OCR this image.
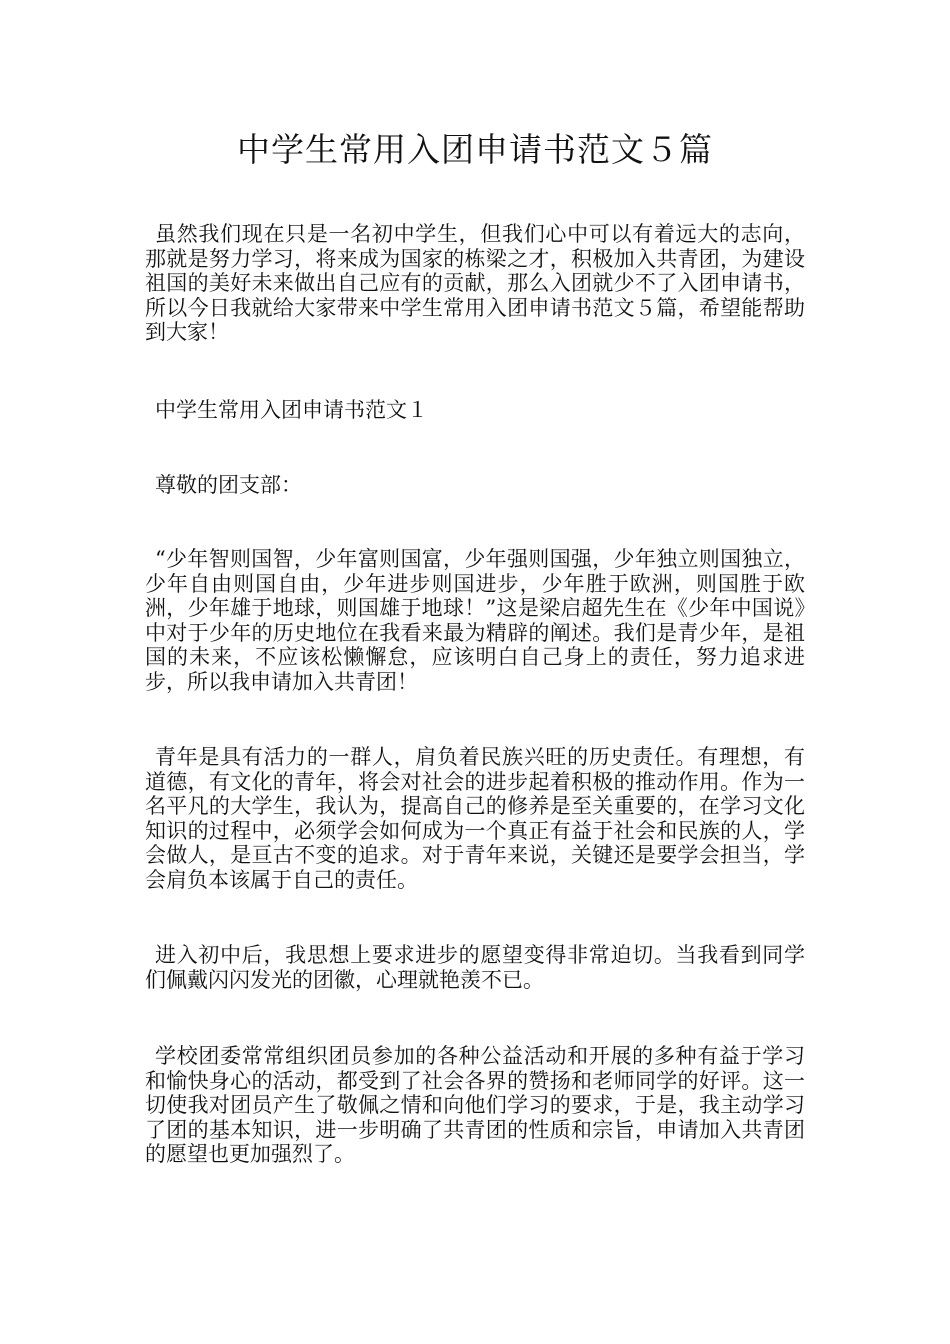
中学生常用入团申请书范文５篇

虽然我们现在只是一名初中学生，但我们心中可以有着远大的志向，那就是努力学习，将来成为国家的栋梁之才，积极加入共青团，为建设祖国的美好未来做出自己应有的贡献，那么入团就少不了入团申请书，所以今日我就给大家带来中学生常用入团申请书范文５篇，希望能帮助到大家！

中学生常用入团申请书范文１

尊敬的团支部：

“少年智则国智，少年富则国富，少年强则国强，少年独立则国独立，少年自由则国自由，少年进步则国进步，少年胜于欧洲，则国胜于欧洲，少年雄于地球，则国雄于地球！”这是梁启超先生在《少年中国说》中对于少年的历史地位在我看来最为精辟的阐述。我们是青少年，是祖国的未来，不应该松懒懈怠，应该明白自己身上的责任，努力追求进步，所以我申请加入共青团！

青年是具有活力的一群人，肩负着民族兴旺的历史责任。有理想，有道德，有文化的青年，将会对社会的进步起着积极的推动作用。作为一名平凡的大学生，我认为，提高自己的修养是至关重要的，在学习文化知识的过程中，必须学会如何成为一个真正有益于社会和民族的人，学会做人，是亘古不变的追求。对于青年来说，关键还是要学会担当，学会肩负本该属于自己的责任。

进入初中后，我思想上要求进步的愿望变得非常迫切。当我看到同学们佩戴闪闪发光的团徽，心理就艳羡不已。

学校团委常常组织团员参加的各种公益活动和开展的多种有益于学习和愉快身心的活动，都受到了社会各界的赞扬和老师同学的好评。这一切使我对团员产生了敬佩之情和向他们学习的要求，于是，我主动学习了团的基本知识，进一步明确了共青团的性质和宗旨，申请加入共青团的愿望也更加强烈了。
